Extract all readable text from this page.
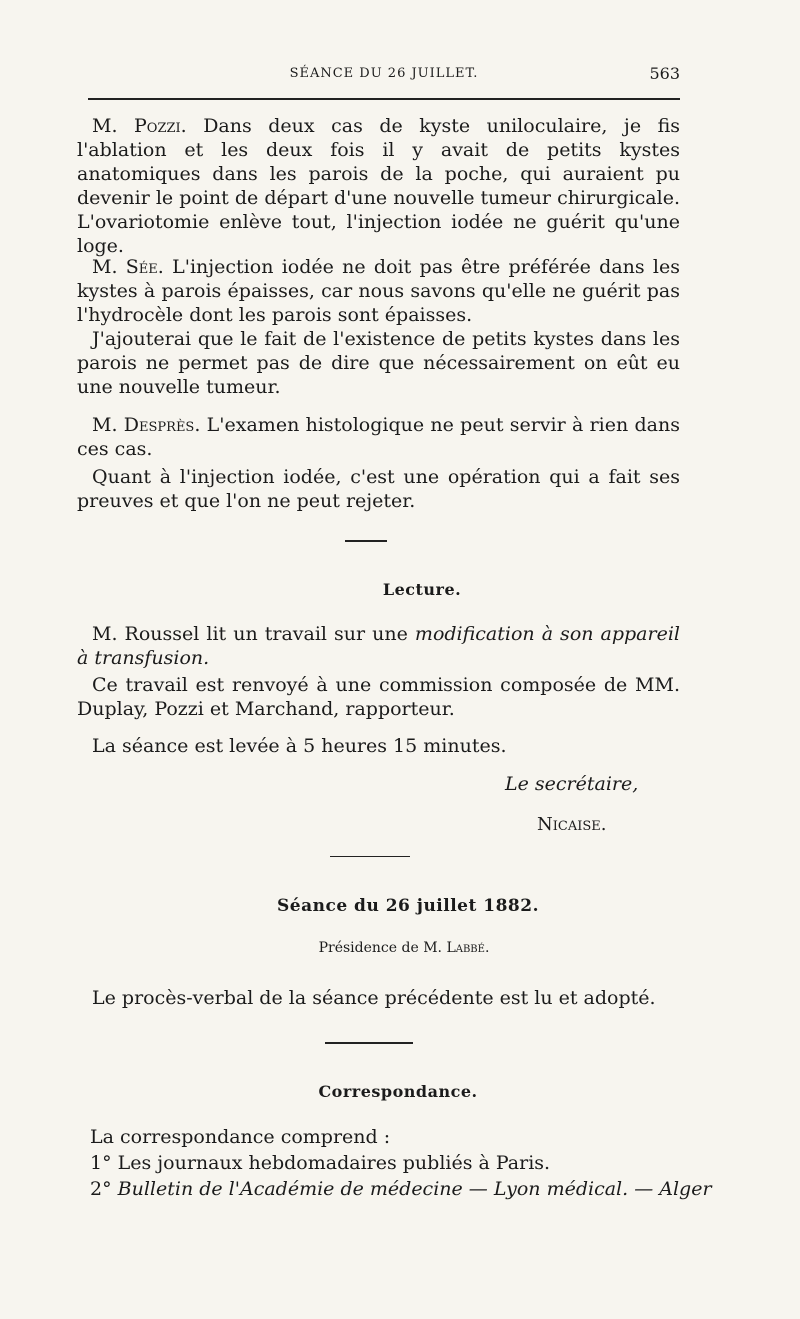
SÉANCE DU 26 JUILLET.	563
M. Pozzi. Dans deux cas de kyste uniloculaire, je fis l'ablation et les deux fois il y avait de petits kystes anatomiques dans les parois de la poche, qui auraient pu devenir le point de départ d'une nouvelle tumeur chirurgicale. L'ovariotomie enlève tout, l'injection iodée ne guérit qu'une loge.
M. Sée. L'injection iodée ne doit pas être préférée dans les kystes à parois épaisses, car nous savons qu'elle ne guérit pas l'hydrocèle dont les parois sont épaisses.
J'ajouterai que le fait de l'existence de petits kystes dans les parois ne permet pas de dire que nécessairement on eût eu une nouvelle tumeur.
M. Desprès. L'examen histologique ne peut servir à rien dans ces cas.
Quant à l'injection iodée, c'est une opération qui a fait ses preuves et que l'on ne peut rejeter.
Lecture.
M. Roussel lit un travail sur une modification à son appareil à transfusion.
Ce travail est renvoyé à une commission composée de MM. Duplay, Pozzi et Marchand, rapporteur.
La séance est levée à 5 heures 15 minutes.
Le secrétaire,
Nicaise.
Séance du 26 juillet 1882.
Présidence de M. Labbé.
Le procès-verbal de la séance précédente est lu et adopté.
Correspondance.
La correspondance comprend :
1° Les journaux hebdomadaires publiés à Paris.
2° Bulletin de l'Académie de médecine — Lyon médical. — Alger
